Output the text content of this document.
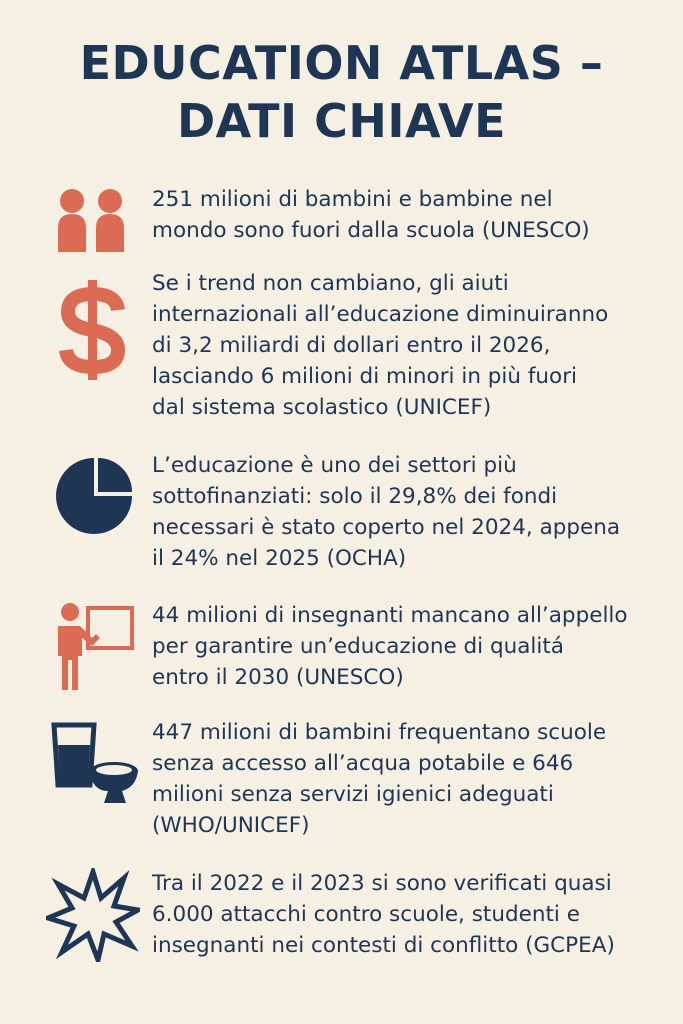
EDUCATION ATLAS –
DATI CHIAVE
251 milioni di bambini e bambine nel
mondo sono fuori dalla scuola (UNESCO)
Se i trend non cambiano, gli aiuti
internazionali all’educazione diminuiranno
di 3,2 miliardi di dollari entro il 2026,
lasciando 6 milioni di minori in più fuori
dal sistema scolastico (UNICEF)
L’educazione è uno dei settori più
sottofinanziati: solo il 29,8% dei fondi
necessari è stato coperto nel 2024, appena
il 24% nel 2025 (OCHA)
44 milioni di insegnanti mancano all’appello
per garantire un’educazione di qualitá
entro il 2030 (UNESCO)
447 milioni di bambini frequentano scuole
senza accesso all’acqua potabile e 646
milioni senza servizi igienici adeguati
(WHO/UNICEF)
Tra il 2022 e il 2023 si sono verificati quasi
6.000 attacchi contro scuole, studenti e
insegnanti nei contesti di conflitto (GCPEA)
